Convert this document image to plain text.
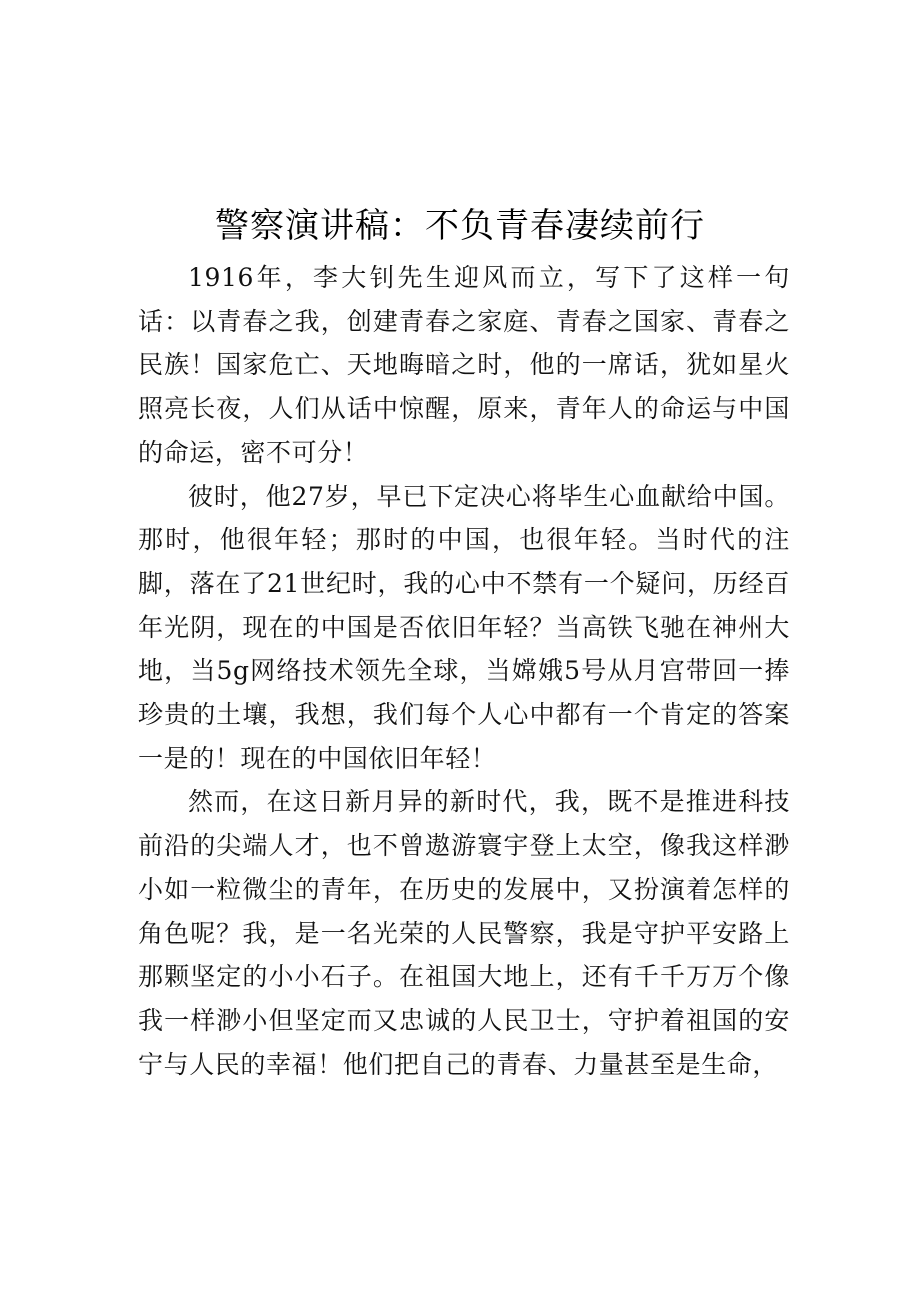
警察演讲稿：不负青春凄续前行

1916年，李大钊先生迎风而立，写下了这样一句话：以青春之我，创建青春之家庭、青春之国家、青春之民族！国家危亡、天地晦暗之时，他的一席话，犹如星火照亮长夜，人们从话中惊醒，原来，青年人的命运与中国的命运，密不可分！

彼时，他27岁，早已下定决心将毕生心血献给中国。那时，他很年轻；那时的中国，也很年轻。当时代的注脚，落在了21世纪时，我的心中不禁有一个疑问，历经百年光阴，现在的中国是否依旧年轻？当高铁飞驰在神州大地，当5g网络技术领先全球，当嫦娥5号从月宫带回一捧珍贵的土壤，我想，我们每个人心中都有一个肯定的答案一是的！现在的中国依旧年轻！

然而，在这日新月异的新时代，我，既不是推进科技前沿的尖端人才，也不曾遨游寰宇登上太空，像我这样渺小如一粒微尘的青年，在历史的发展中，又扮演着怎样的角色呢？我，是一名光荣的人民警察，我是守护平安路上那颗坚定的小小石子。在祖国大地上，还有千千万万个像我一样渺小但坚定而又忠诚的人民卫士，守护着祖国的安宁与人民的幸福！他们把自己的青春、力量甚至是生命，
